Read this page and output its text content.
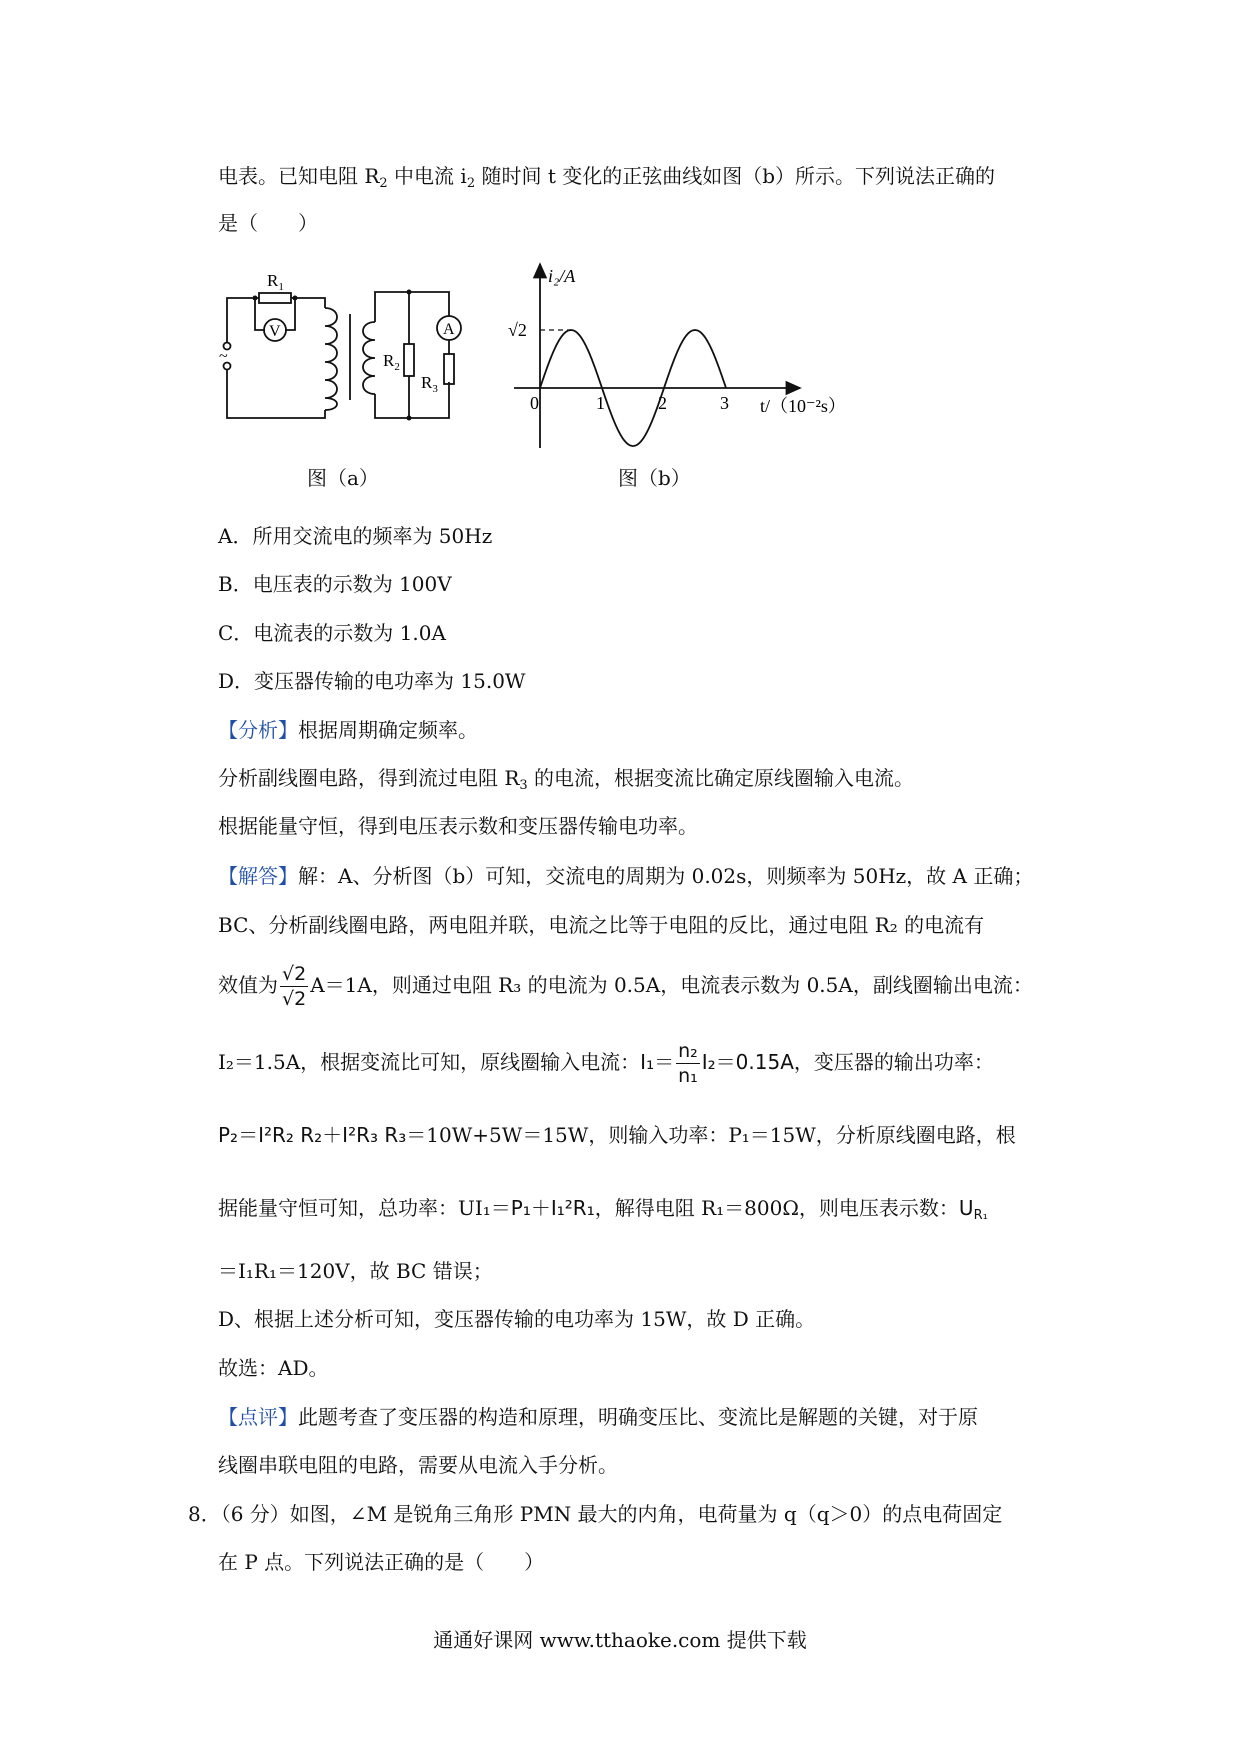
电表。已知电阻 $R_2$ 中电流 $i_2$ 随时间 t 变化的正弦曲线如图（b）所示。下列说法正确的
是（　　）
~
$R_1$
V
$R_2$
A
$R_3$
图（a）
0	1	2	3
√2
i₂/A
t/（10⁻²s）
图（b）
A．所用交流电的频率为 50Hz
B．电压表的示数为 100V
C．电流表的示数为 1.0A
D．变压器传输的电功率为 15.0W
【分析】根据周期确定频率。
分析副线圈电路，得到流过电阻 $R_3$ 的电流，根据变流比确定原线圈输入电流。
根据能量守恒，得到电压表示数和变压器传输电功率。
【解答】解：A、分析图（b）可知，交流电的周期为 0.02s，则频率为 50Hz，故 A 正确；
BC、分析副线圈电路，两电阻并联，电流之比等于电阻的反比，通过电阻 R₂ 的电流有
效值为 $\frac{√2}{√2} A=1A$，则通过电阻 R₃ 的电流为 0.5A，电流表示数为 0.5A，副线圈输出电流：
I₂＝1.5A，根据变流比可知，原线圈输入电流：$I_1= \frac{\text{n₂}}{\text{n₁}} I_2=0.15A$，变压器的输出功率：
P₂＝I²R₂ R₂＋I²R₃ R₃＝10W+5W＝15W，则输入功率：P₁＝15W，分析原线圈电路，根
据能量守恒可知，总功率：UI₁＝P₁＋I₁²R₁，解得电阻 R₁＝800Ω，则电压表示数：$U_{R_1}$
＝I₁R₁＝120V，故 BC 错误；
D、根据上述分析可知，变压器传输的电功率为 15W，故 D 正确。
故选：AD。
【点评】此题考查了变压器的构造和原理，明确变压比、变流比是解题的关键，对于原
线圈串联电阻的电路，需要从电流入手分析。
8．（6 分）如图，∠M 是锐角三角形 PMN 最大的内角，电荷量为 q（q＞0）的点电荷固定
在 P 点。下列说法正确的是（　　）
通通好课网 www.tthaoke.com 提供下载
